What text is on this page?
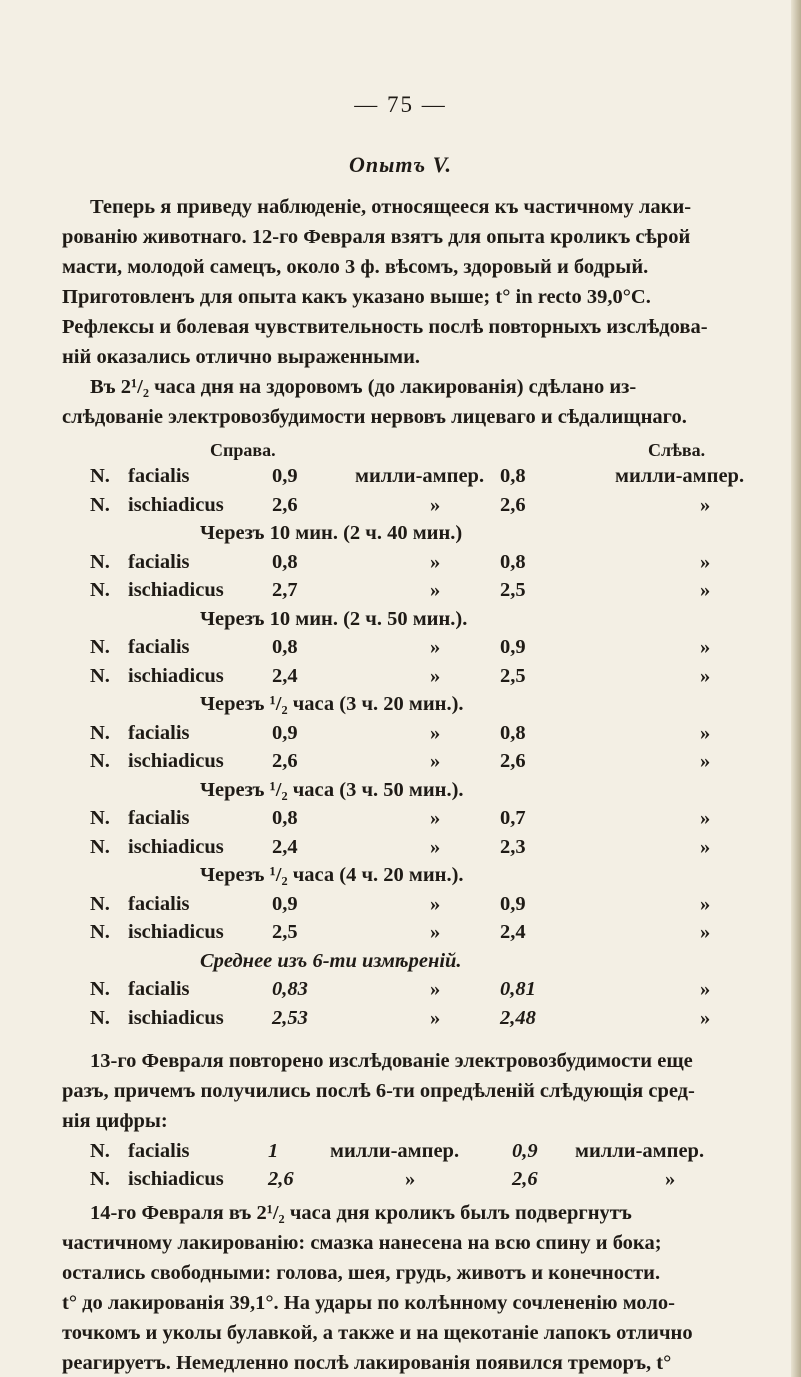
— 75 —
Опытъ V.
Теперь я приведу наблюденіе, относящееся къ частичному лаки-
рованію животнаго. 12-го Февраля взятъ для опыта кроликъ сѣрой
масти, молодой самецъ, около 3 ф. вѣсомъ, здоровый и бодрый.
Приготовленъ для опыта какъ указано выше; t° in recto 39,0°С.
Рефлексы и болевая чувствительность послѣ повторныхъ изслѣдова-
ній оказались отлично выраженными.
Въ 2¹/₂ часа дня на здоровомъ (до лакированія) сдѣлано из-
слѣдованіе электровозбудимости нервовъ лицеваго и сѣдалищнаго.
Справа.	Слѣва.
N. facialis	0,9	милли-ампер. 0,8	милли-ампер.
N. ischiadicus 2,6	»	2,6	»
Черезъ 10 мин. (2 ч. 40 мин.)
N. facialis	0,8	»	0,8	»
N. ischiadicus 2,7	»	2,5	»
Черезъ 10 мин. (2 ч. 50 мин.).
N. facialis	0,8	»	0,9	»
N. ischiadicus 2,4	»	2,5	»
Черезъ ¹/₂ часа (3 ч. 20 мин.).
N. facialis	0,9	»	0,8	»
N. ischiadicus 2,6	»	2,6	»
Черезъ ¹/₂ часа (3 ч. 50 мин.).
N. facialis	0,8	»	0,7	»
N. ischiadicus 2,4	»	2,3	»
Черезъ ¹/₂ часа (4 ч. 20 мин.).
N. facialis	0,9	»	0,9	»
N. ischiadicus 2,5	»	2,4	»
Среднее изъ 6-ти измѣреній.
N. facialis	0,83	»	0,81	»
N. ischiadicus 2,53	»	2,48	»
13-го Февраля повторено изслѣдованіе электровозбудимости еще
разъ, причемъ получились послѣ 6-ти опредѣленій слѣдующія сред-
нія цифры:
N. facialis	1	милли-ампер.	0,9 милли-ампер.
N. ischiadicus 2,6	»	2,6	»
14-го Февраля въ 2¹/₂ часа дня кроликъ былъ подвергнутъ
частичному лакированію: смазка нанесена на всю спину и бока;
остались свободными: голова, шея, грудь, животъ и конечности.
t° до лакированія 39,1°. На удары по колѣнному сочлененію моло-
точкомъ и уколы булавкой, а также и на щекотаніе лапокъ отлично
реагируетъ. Немедленно послѣ лакированія появился треморъ, t°
